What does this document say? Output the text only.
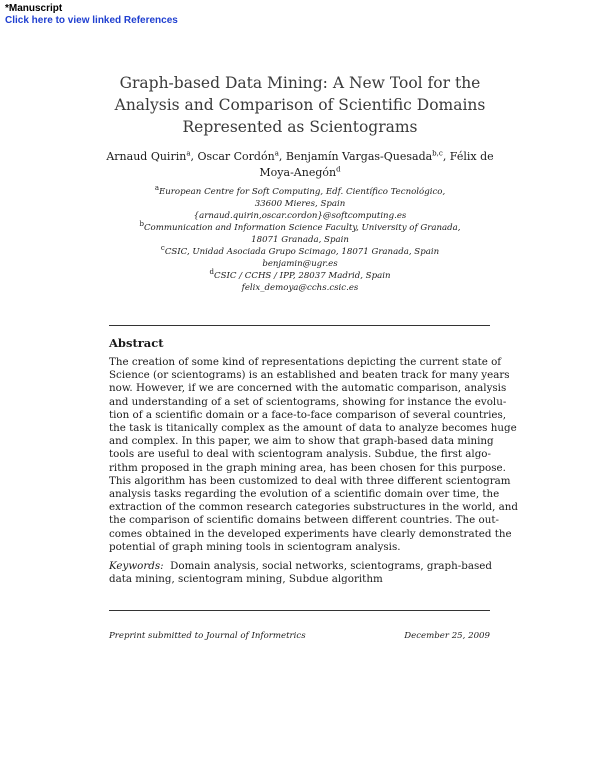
*Manuscript
Click here to view linked References
Graph-based Data Mining: A New Tool for the
Analysis and Comparison of Scientific Domains
Represented as Scientograms
Arnaud Quirin$^a$, Oscar Cordón$^a$, Benjamín Vargas-Quesada$^{b,c}$, Félix de
Moya-Anegón$^d$
$^a$European Centre for Soft Computing, Edf. Científico Tecnológico,
33600 Mieres, Spain
{arnaud.quirin,oscar.cordon}@softcomputing.es
$^b$Communication and Information Science Faculty, University of Granada,
18071 Granada, Spain
$^c$CSIC, Unidad Asociada Grupo Scimago, 18071 Granada, Spain
benjamin@ugr.es
$^d$CSIC / CCHS / IPP, 28037 Madrid, Spain
felix_demoya@cchs.csic.es
Abstract
The creation of some kind of representations depicting the current state of
Science (or scientograms) is an established and beaten track for many years
now. However, if we are concerned with the automatic comparison, analysis
and understanding of a set of scientograms, showing for instance the evolu-
tion of a scientific domain or a face-to-face comparison of several countries,
the task is titanically complex as the amount of data to analyze becomes huge
and complex. In this paper, we aim to show that graph-based data mining
tools are useful to deal with scientogram analysis. Subdue, the first algo-
rithm proposed in the graph mining area, has been chosen for this purpose.
This algorithm has been customized to deal with three different scientogram
analysis tasks regarding the evolution of a scientific domain over time, the
extraction of the common research categories substructures in the world, and
the comparison of scientific domains between different countries. The out-
comes obtained in the developed experiments have clearly demonstrated the
potential of graph mining tools in scientogram analysis.
Keywords: Domain analysis, social networks, scientograms, graph-based
data mining, scientogram mining, Subdue algorithm
Preprint submitted to Journal of Informetrics	December 25, 2009
